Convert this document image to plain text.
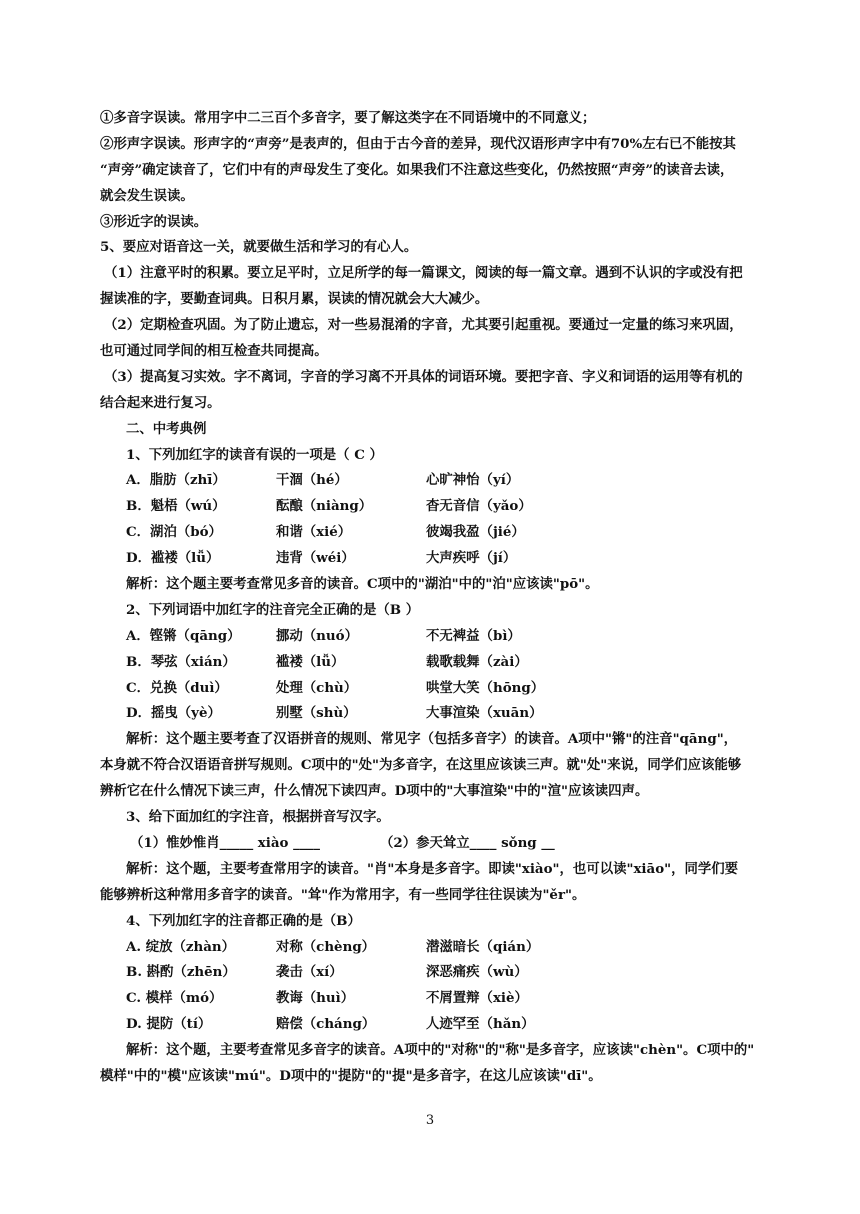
①多音字误读。常用字中二三百个多音字，要了解这类字在不同语境中的不同意义；
②形声字误读。形声字的“声旁”是表声的，但由于古今音的差异，现代汉语形声字中有70%左右已不能按其
“声旁”确定读音了，它们中有的声母发生了变化。如果我们不注意这些变化，仍然按照“声旁”的读音去读，
就会发生误读。
③形近字的误读。
5、要应对语音这一关，就要做生活和学习的有心人。
（1）注意平时的积累。要立足平时，立足所学的每一篇课文，阅读的每一篇文章。遇到不认识的字或没有把
握读准的字，要勤查词典。日积月累，误读的情况就会大大减少。
（2）定期检查巩固。为了防止遗忘，对一些易混淆的字音，尤其要引起重视。要通过一定量的练习来巩固，
也可通过同学间的相互检查共同提高。
（3）提高复习实效。字不离词，字音的学习离不开具体的词语环境。要把字音、字义和词语的运用等有机的
结合起来进行复习。
二、中考典例
1、下列加红字的读音有误的一项是（ C ）
A．脂肪（zhī）	干涸（hé）	心旷神怡（yí）
B．魁梧（wú）	酝酿（niàng）	杳无音信（yǎo）
C．湖泊（bó）	和谐（xié）	彼竭我盈（jié）
D．褴褛（lǚ）	违背（wéi）	大声疾呼（jí）
解析：这个题主要考查常见多音的读音。C项中的"湖泊"中的"泊"应该读"pō"。
2、下列词语中加红字的注音完全正确的是（B ）
A．铿锵（qāng）	挪动（nuó）	不无裨益（bì）
B．琴弦（xián）	褴褛（lǚ）	载歌载舞（zài）
C．兑换（duì）	处理（chù）	哄堂大笑（hōng）
D．摇曳（yè）	别墅（shù）	大事渲染（xuān）
解析：这个题主要考查了汉语拼音的规则、常见字（包括多音字）的读音。A项中"锵"的注音"qāng"，
本身就不符合汉语语音拼写规则。C项中的"处"为多音字，在这里应该读三声。就"处"来说，同学们应该能够
辨析它在什么情况下读三声，什么情况下读四声。D项中的"大事渲染"中的"渲"应该读四声。
3、给下面加红的字注音，根据拼音写汉字。
（1）惟妙惟肖_____ xiào ____	（2）参天耸立____ sǒng __
解析：这个题，主要考查常用字的读音。"肖"本身是多音字。即读"xiào"，也可以读"xiāo"，同学们要
能够辨析这种常用多音字的读音。"耸"作为常用字，有一些同学往往误读为"ěr"。
4、下列加红字的注音都正确的是（B）
A. 绽放（zhàn）	对称（chèng）	潜滋暗长（qián）
B. 斟酌（zhēn）	袭击（xí）	深恶痛疾（wù）
C. 模样（mó）	教诲（huì）	不屑置辩（xiè）
D. 提防（tí）	赔偿（cháng）	人迹罕至（hǎn）
解析：这个题，主要考查常见多音字的读音。A项中的"对称"的"称"是多音字，应该读"chèn"。C项中的"
模样"中的"模"应该读"mú"。D项中的"提防"的"提"是多音字，在这儿应该读"dī"。
3
